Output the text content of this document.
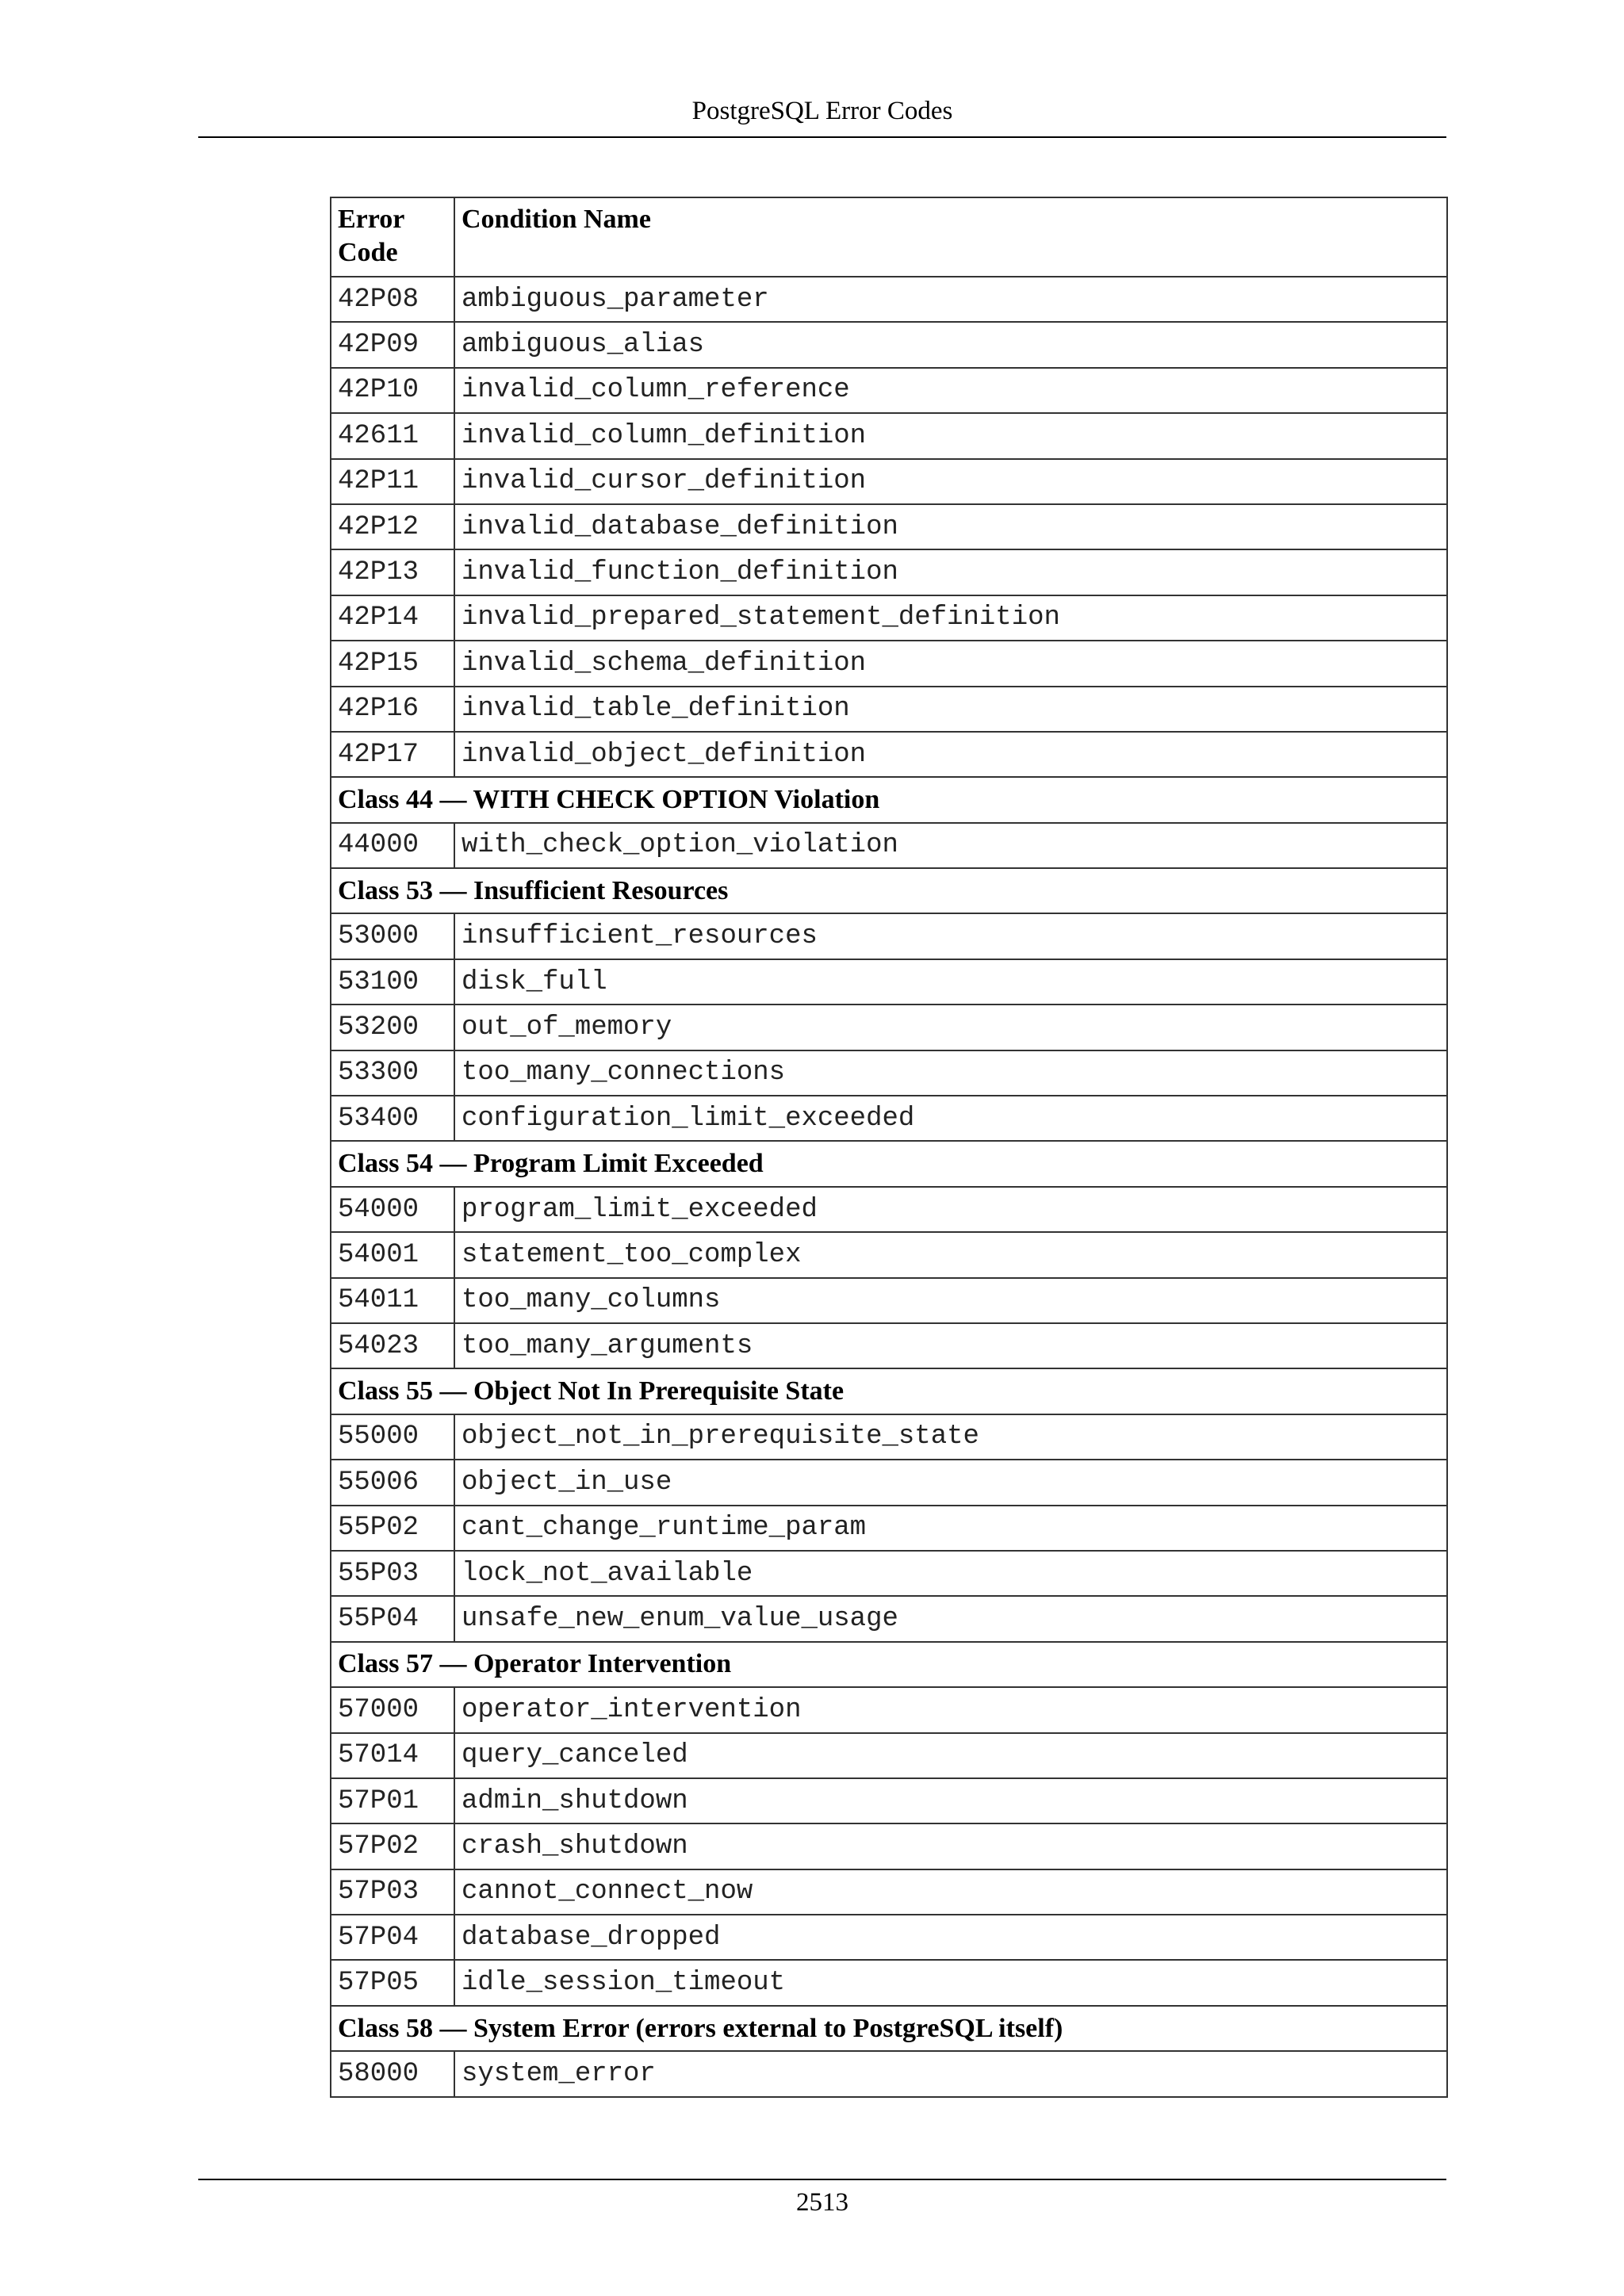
PostgreSQL Error Codes
Error Code	Condition Name
42P08	ambiguous_parameter
42P09	ambiguous_alias
42P10	invalid_column_reference
42611	invalid_column_definition
42P11	invalid_cursor_definition
42P12	invalid_database_definition
42P13	invalid_function_definition
42P14	invalid_prepared_statement_definition
42P15	invalid_schema_definition
42P16	invalid_table_definition
42P17	invalid_object_definition
Class 44 — WITH CHECK OPTION Violation	
44000	with_check_option_violation
Class 53 — Insufficient Resources	
53000	insufficient_resources
53100	disk_full
53200	out_of_memory
53300	too_many_connections
53400	configuration_limit_exceeded
Class 54 — Program Limit Exceeded	
54000	program_limit_exceeded
54001	statement_too_complex
54011	too_many_columns
54023	too_many_arguments
Class 55 — Object Not In Prerequisite State	
55000	object_not_in_prerequisite_state
55006	object_in_use
55P02	cant_change_runtime_param
55P03	lock_not_available
55P04	unsafe_new_enum_value_usage
Class 57 — Operator Intervention	
57000	operator_intervention
57014	query_canceled
57P01	admin_shutdown
57P02	crash_shutdown
57P03	cannot_connect_now
57P04	database_dropped
57P05	idle_session_timeout
Class 58 — System Error (errors external to PostgreSQL itself)	
58000	system_error
2513
